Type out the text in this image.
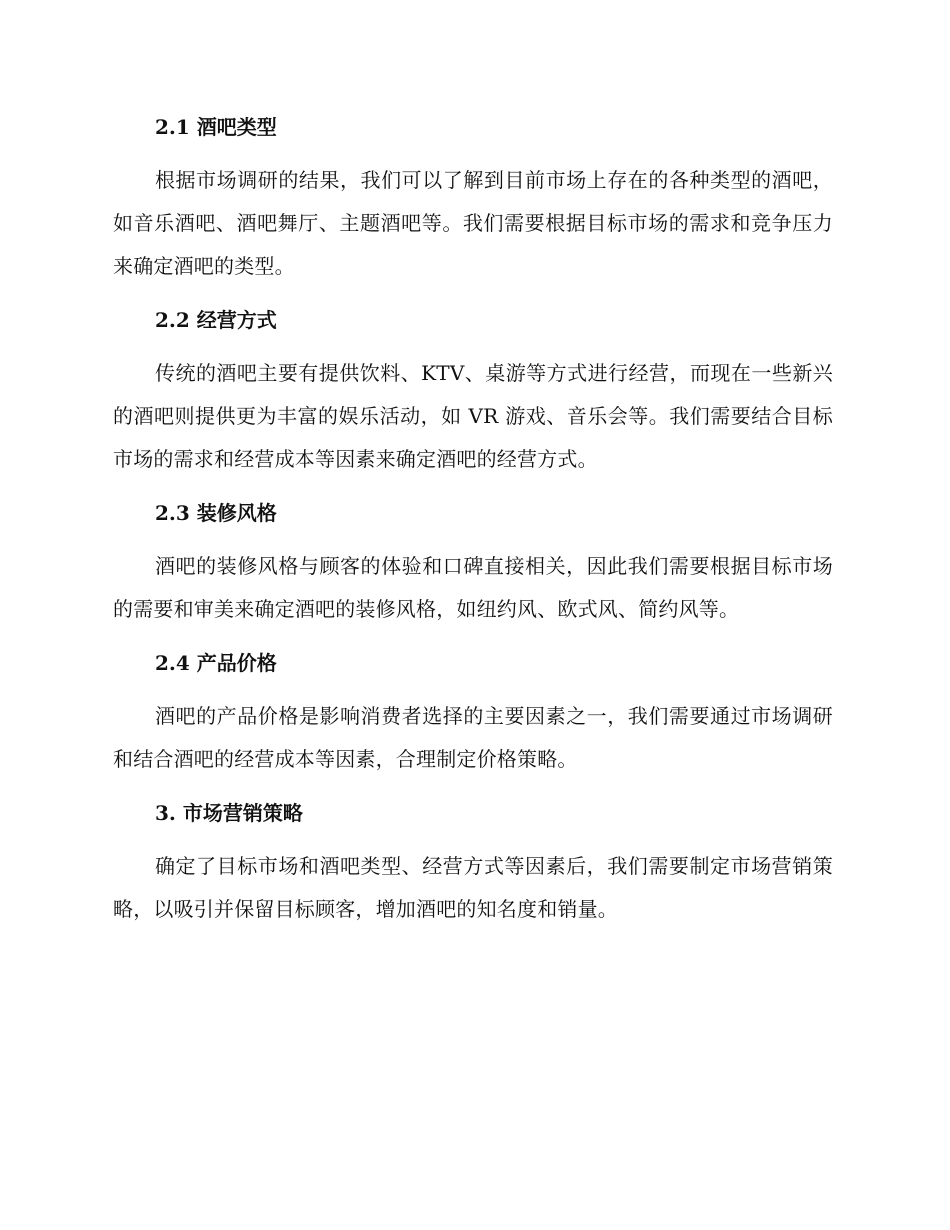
2.1 酒吧类型

根据市场调研的结果，我们可以了解到目前市场上存在的各种类型的酒吧，如音乐酒吧、酒吧舞厅、主题酒吧等。我们需要根据目标市场的需求和竞争压力来确定酒吧的类型。

2.2 经营方式

传统的酒吧主要有提供饮料、KTV、桌游等方式进行经营，而现在一些新兴的酒吧则提供更为丰富的娱乐活动，如 VR 游戏、音乐会等。我们需要结合目标市场的需求和经营成本等因素来确定酒吧的经营方式。

2.3 装修风格

酒吧的装修风格与顾客的体验和口碑直接相关，因此我们需要根据目标市场的需要和审美来确定酒吧的装修风格，如纽约风、欧式风、简约风等。

2.4 产品价格

酒吧的产品价格是影响消费者选择的主要因素之一，我们需要通过市场调研和结合酒吧的经营成本等因素，合理制定价格策略。

3. 市场营销策略

确定了目标市场和酒吧类型、经营方式等因素后，我们需要制定市场营销策略，以吸引并保留目标顾客，增加酒吧的知名度和销量。
